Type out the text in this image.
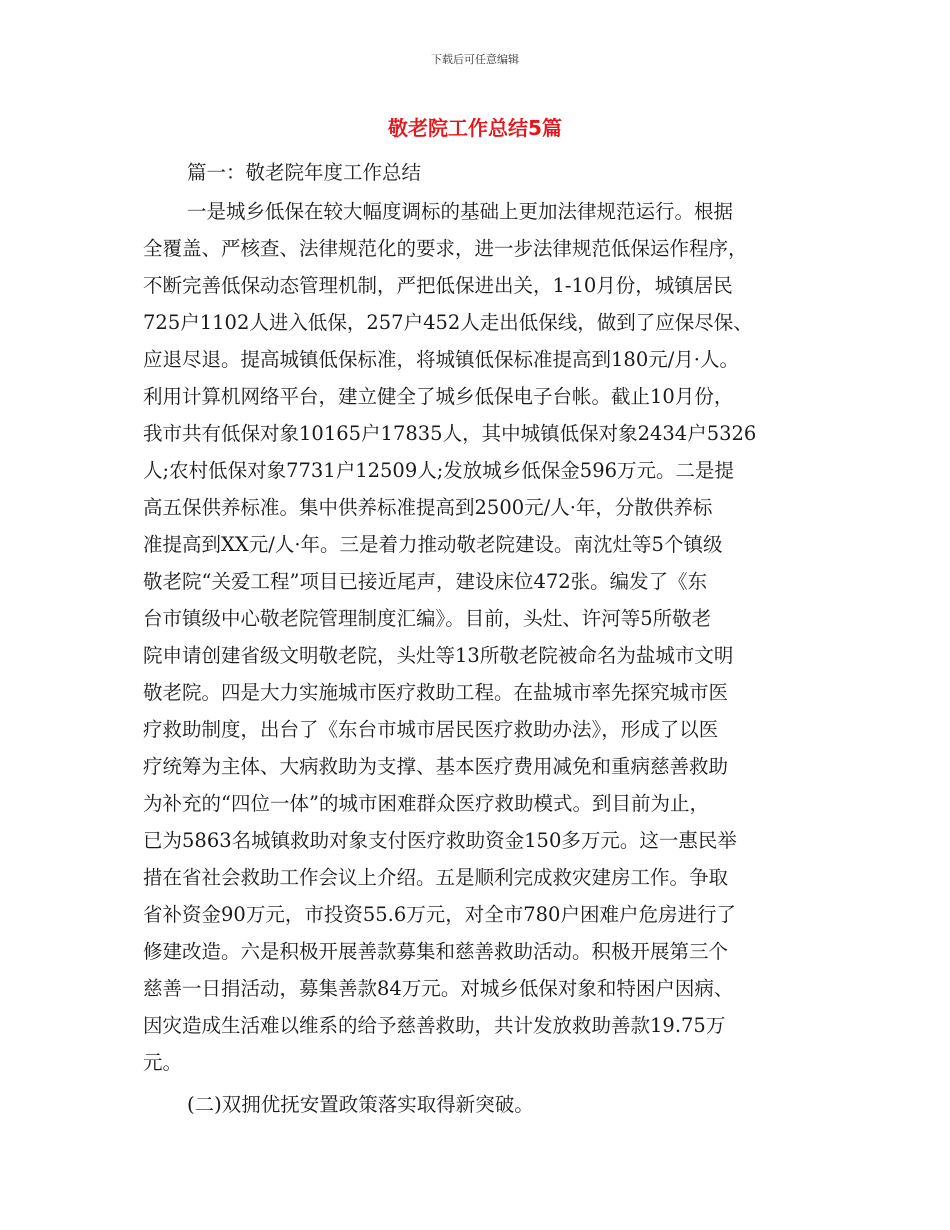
下载后可任意编辑
敬老院工作总结5篇
篇一：敬老院年度工作总结
一是城乡低保在较大幅度调标的基础上更加法律规范运行。根据
全覆盖、严核查、法律规范化的要求，进一步法律规范低保运作程序，
不断完善低保动态管理机制，严把低保进出关，1-10月份，城镇居民
725户1102人进入低保，257户452人走出低保线，做到了应保尽保、
应退尽退。提高城镇低保标准，将城镇低保标准提高到180元/月·人。
利用计算机网络平台，建立健全了城乡低保电子台帐。截止10月份，
我市共有低保对象10165户17835人，其中城镇低保对象2434户5326
人;农村低保对象7731户12509人;发放城乡低保金596万元。二是提
高五保供养标准。集中供养标准提高到2500元/人·年，分散供养标
准提高到XX元/人·年。三是着力推动敬老院建设。南沈灶等5个镇级
敬老院“关爱工程”项目已接近尾声，建设床位472张。编发了《东
台市镇级中心敬老院管理制度汇编》。目前，头灶、许河等5所敬老
院申请创建省级文明敬老院，头灶等13所敬老院被命名为盐城市文明
敬老院。四是大力实施城市医疗救助工程。在盐城市率先探究城市医
疗救助制度，出台了《东台市城市居民医疗救助办法》，形成了以医
疗统筹为主体、大病救助为支撑、基本医疗费用减免和重病慈善救助
为补充的“四位一体”的城市困难群众医疗救助模式。到目前为止，
已为5863名城镇救助对象支付医疗救助资金150多万元。这一惠民举
措在省社会救助工作会议上介绍。五是顺利完成救灾建房工作。争取
省补资金90万元，市投资55.6万元，对全市780户困难户危房进行了
修建改造。六是积极开展善款募集和慈善救助活动。积极开展第三个
慈善一日捐活动，募集善款84万元。对城乡低保对象和特困户因病、
因灾造成生活难以维系的给予慈善救助，共计发放救助善款19.75万
元。
(二)双拥优抚安置政策落实取得新突破。
